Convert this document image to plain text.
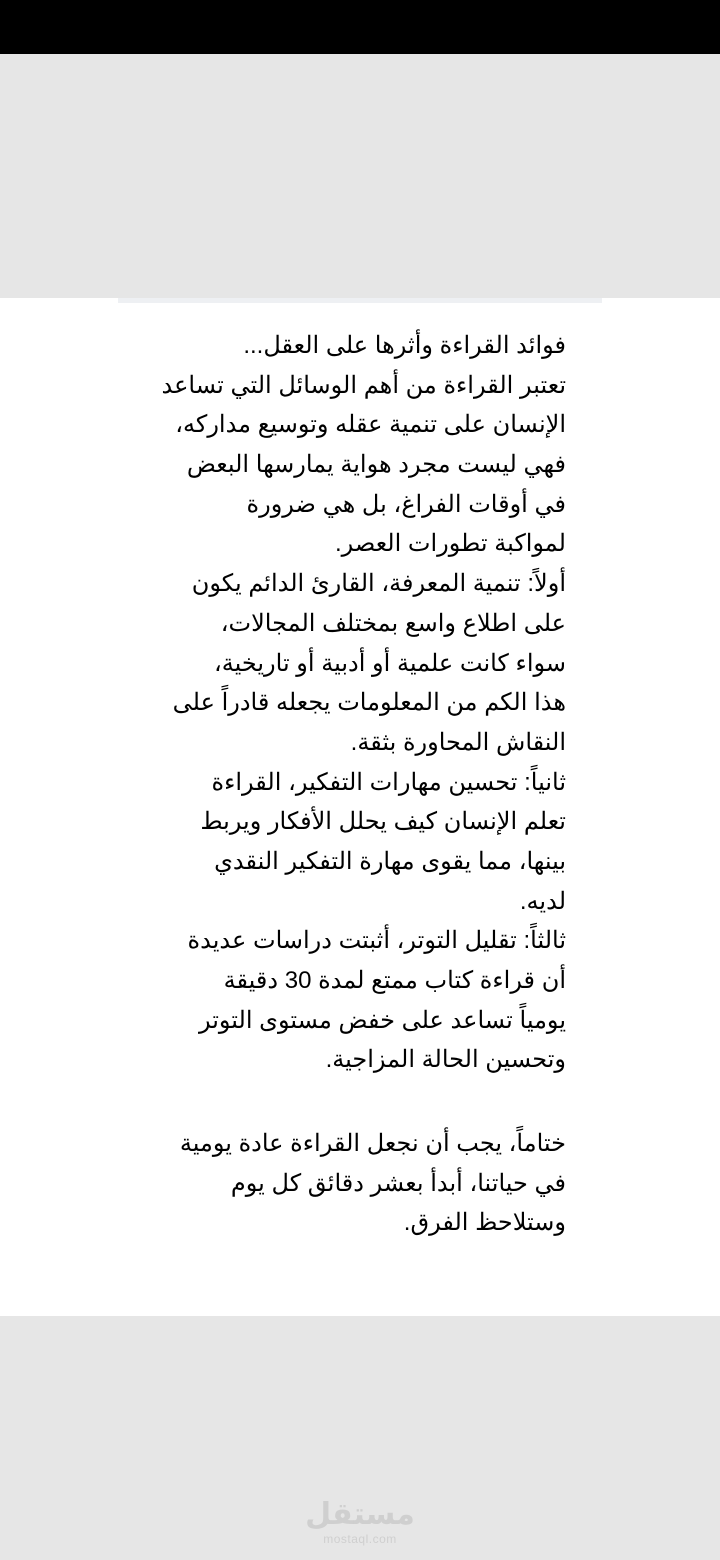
فوائد القراءة وأثرها على العقل...
تعتبر القراءة من أهم الوسائل التي تساعد
الإنسان على تنمية عقله وتوسيع مداركه،
فهي ليست مجرد هواية يمارسها البعض
في أوقات الفراغ، بل هي ضرورة
لمواكبة تطورات العصر.
أولاً: تنمية المعرفة، القارئ الدائم يكون
على اطلاع واسع بمختلف المجالات،
سواء كانت علمية أو أدبية أو تاريخية،
هذا الكم من المعلومات يجعله قادراً على
النقاش المحاورة بثقة.
ثانياً: تحسين مهارات التفكير، القراءة
تعلم الإنسان كيف يحلل الأفكار ويربط
بينها، مما يقوى مهارة التفكير النقدي
لديه.
ثالثاً: تقليل التوتر، أثبتت دراسات عديدة
أن قراءة كتاب ممتع لمدة 30 دقيقة
يومياً تساعد على خفض مستوى التوتر
وتحسين الحالة المزاجية.
ختاماً، يجب أن نجعل القراءة عادة يومية
في حياتنا، أبدأ بعشر دقائق كل يوم
وستلاحظ الفرق.
مستقل
mostaql.com
